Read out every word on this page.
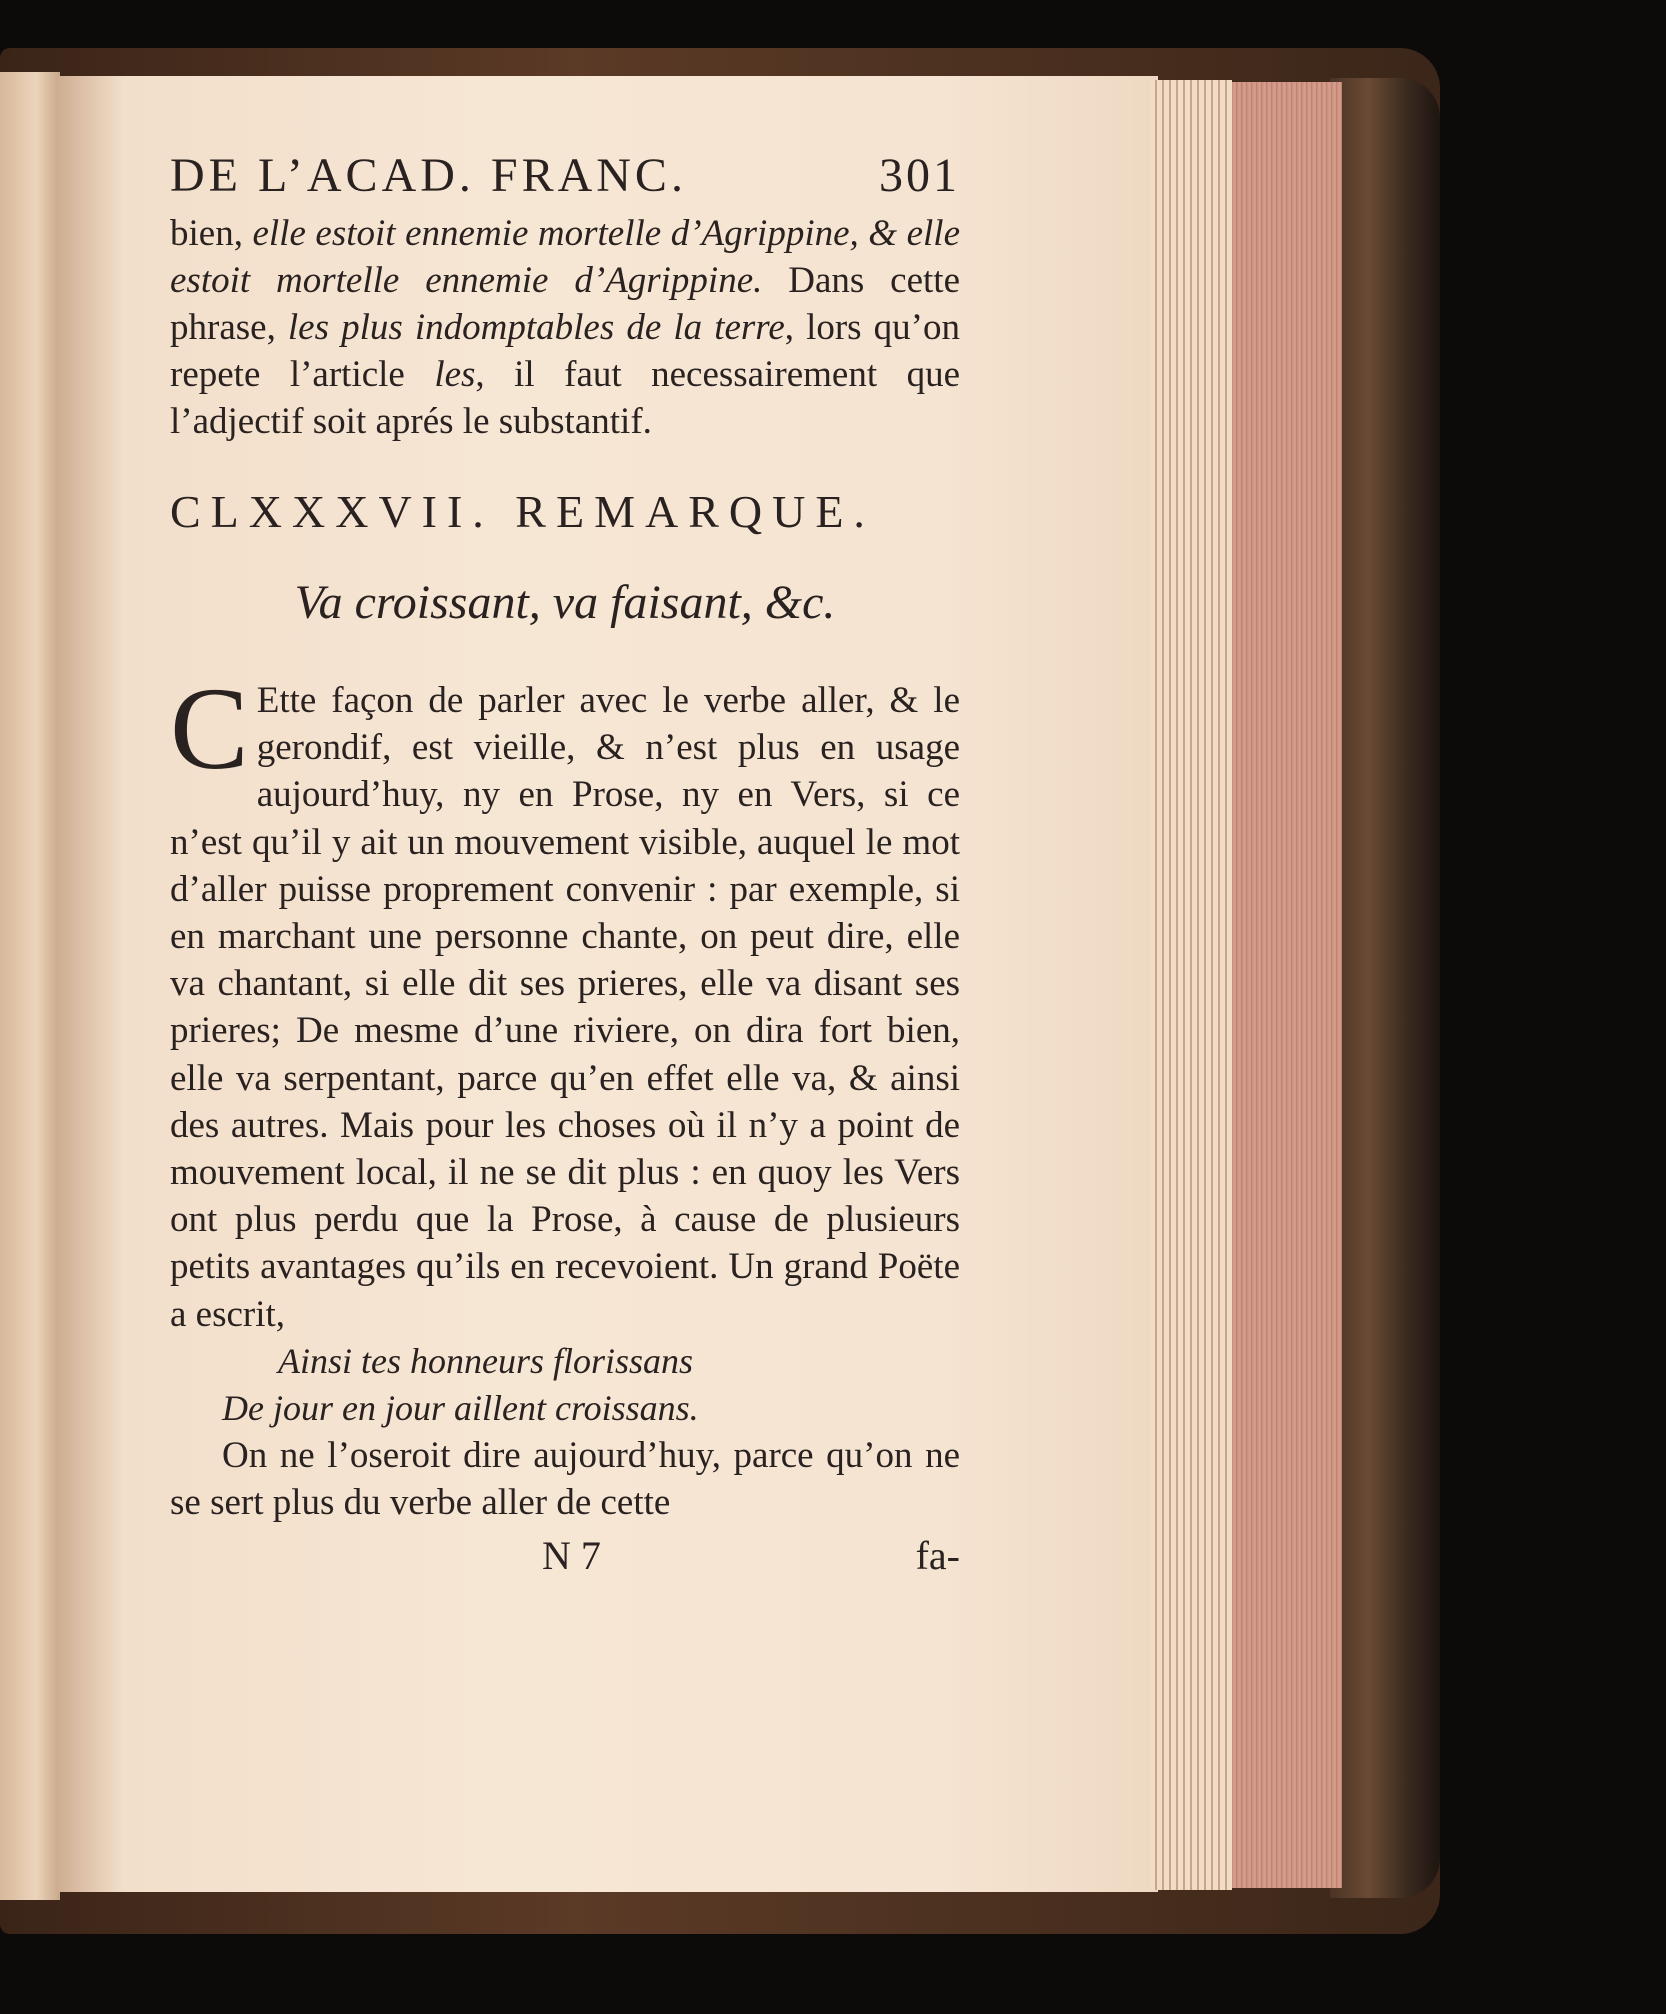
DE L’ACAD. FRANC.	301
bien, elle estoit ennemie mortelle d’Agrippine, & elle estoit mortelle ennemie d’Agrippine. Dans cette phrase, les plus indomptables de la terre, lors qu’on repete l’article les, il faut necessairement que l’adjectif soit aprés le substantif.
CLXXXVII. REMARQUE.
Va croissant, va faisant, &c.
C Ette façon de parler avec le verbe aller, & le gerondif, est vieille, & n’est plus en usage aujourd’huy, ny en Prose, ny en Vers, si ce n’est qu’il y ait un mouvement visible, auquel le mot d’aller puisse proprement convenir : par exemple, si en marchant une personne chante, on peut dire, elle va chantant, si elle dit ses prieres, elle va disant ses prieres; De mesme d’une riviere, on dira fort bien, elle va serpentant, parce qu’en effet elle va, & ainsi des autres. Mais pour les choses où il n’y a point de mouvement local, il ne se dit plus : en quoy les Vers ont plus perdu que la Prose, à cause de plusieurs petits avantages qu’ils en recevoient. Un grand Poëte a escrit,
Ainsi tes honneurs florissans
De jour en jour aillent croissans.
On ne l’oseroit dire aujourd’huy, parce qu’on ne se sert plus du verbe aller de cette
N 7	fa-
